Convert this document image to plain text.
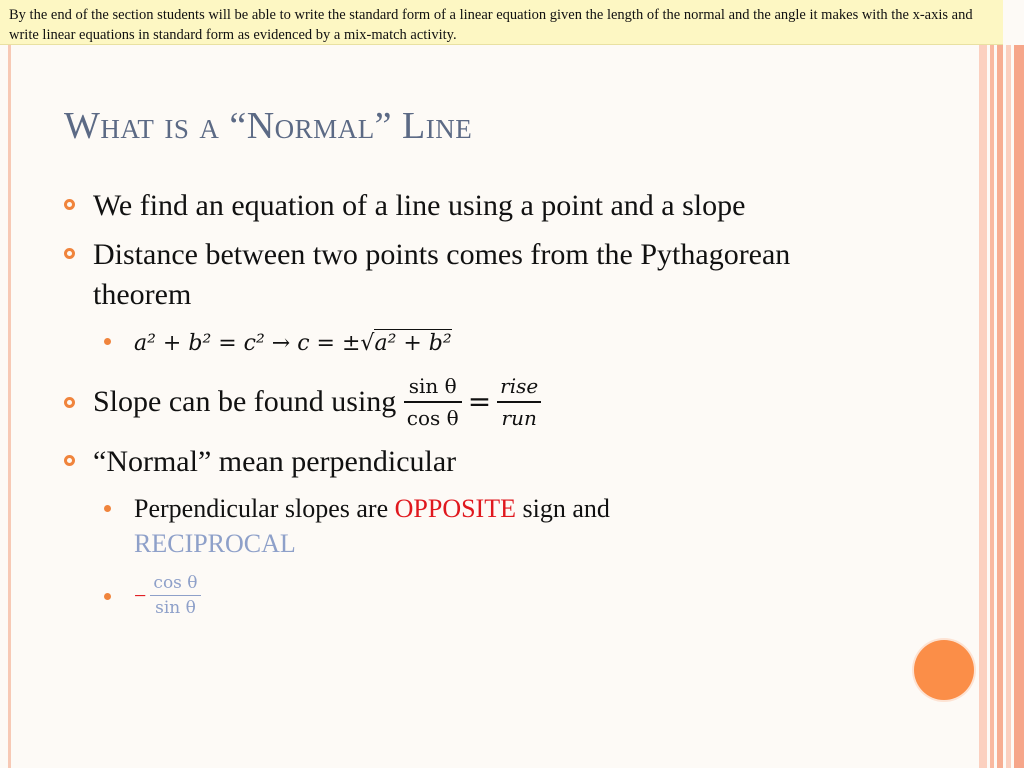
By the end of the section students will be able to write the standard form of a linear equation given the length of the normal and the angle it makes with the x-axis and write linear equations in standard form as evidenced by a mix-match activity.
What is a “Normal” Line
We find an equation of a line using a point and a slope
Distance between two points comes from the Pythagorean theorem
a² + b² = c² → c = ±√a² + b²
Slope can be found using $\frac{\text{sin θ}}{\text{cos θ}} = \frac{\text{rise}}{\text{run}}$
“Normal” mean perpendicular
Perpendicular slopes are OPPOSITE sign and
RECIPROCAL
− $\frac{\text{cos θ}}{\text{sin θ}}$
